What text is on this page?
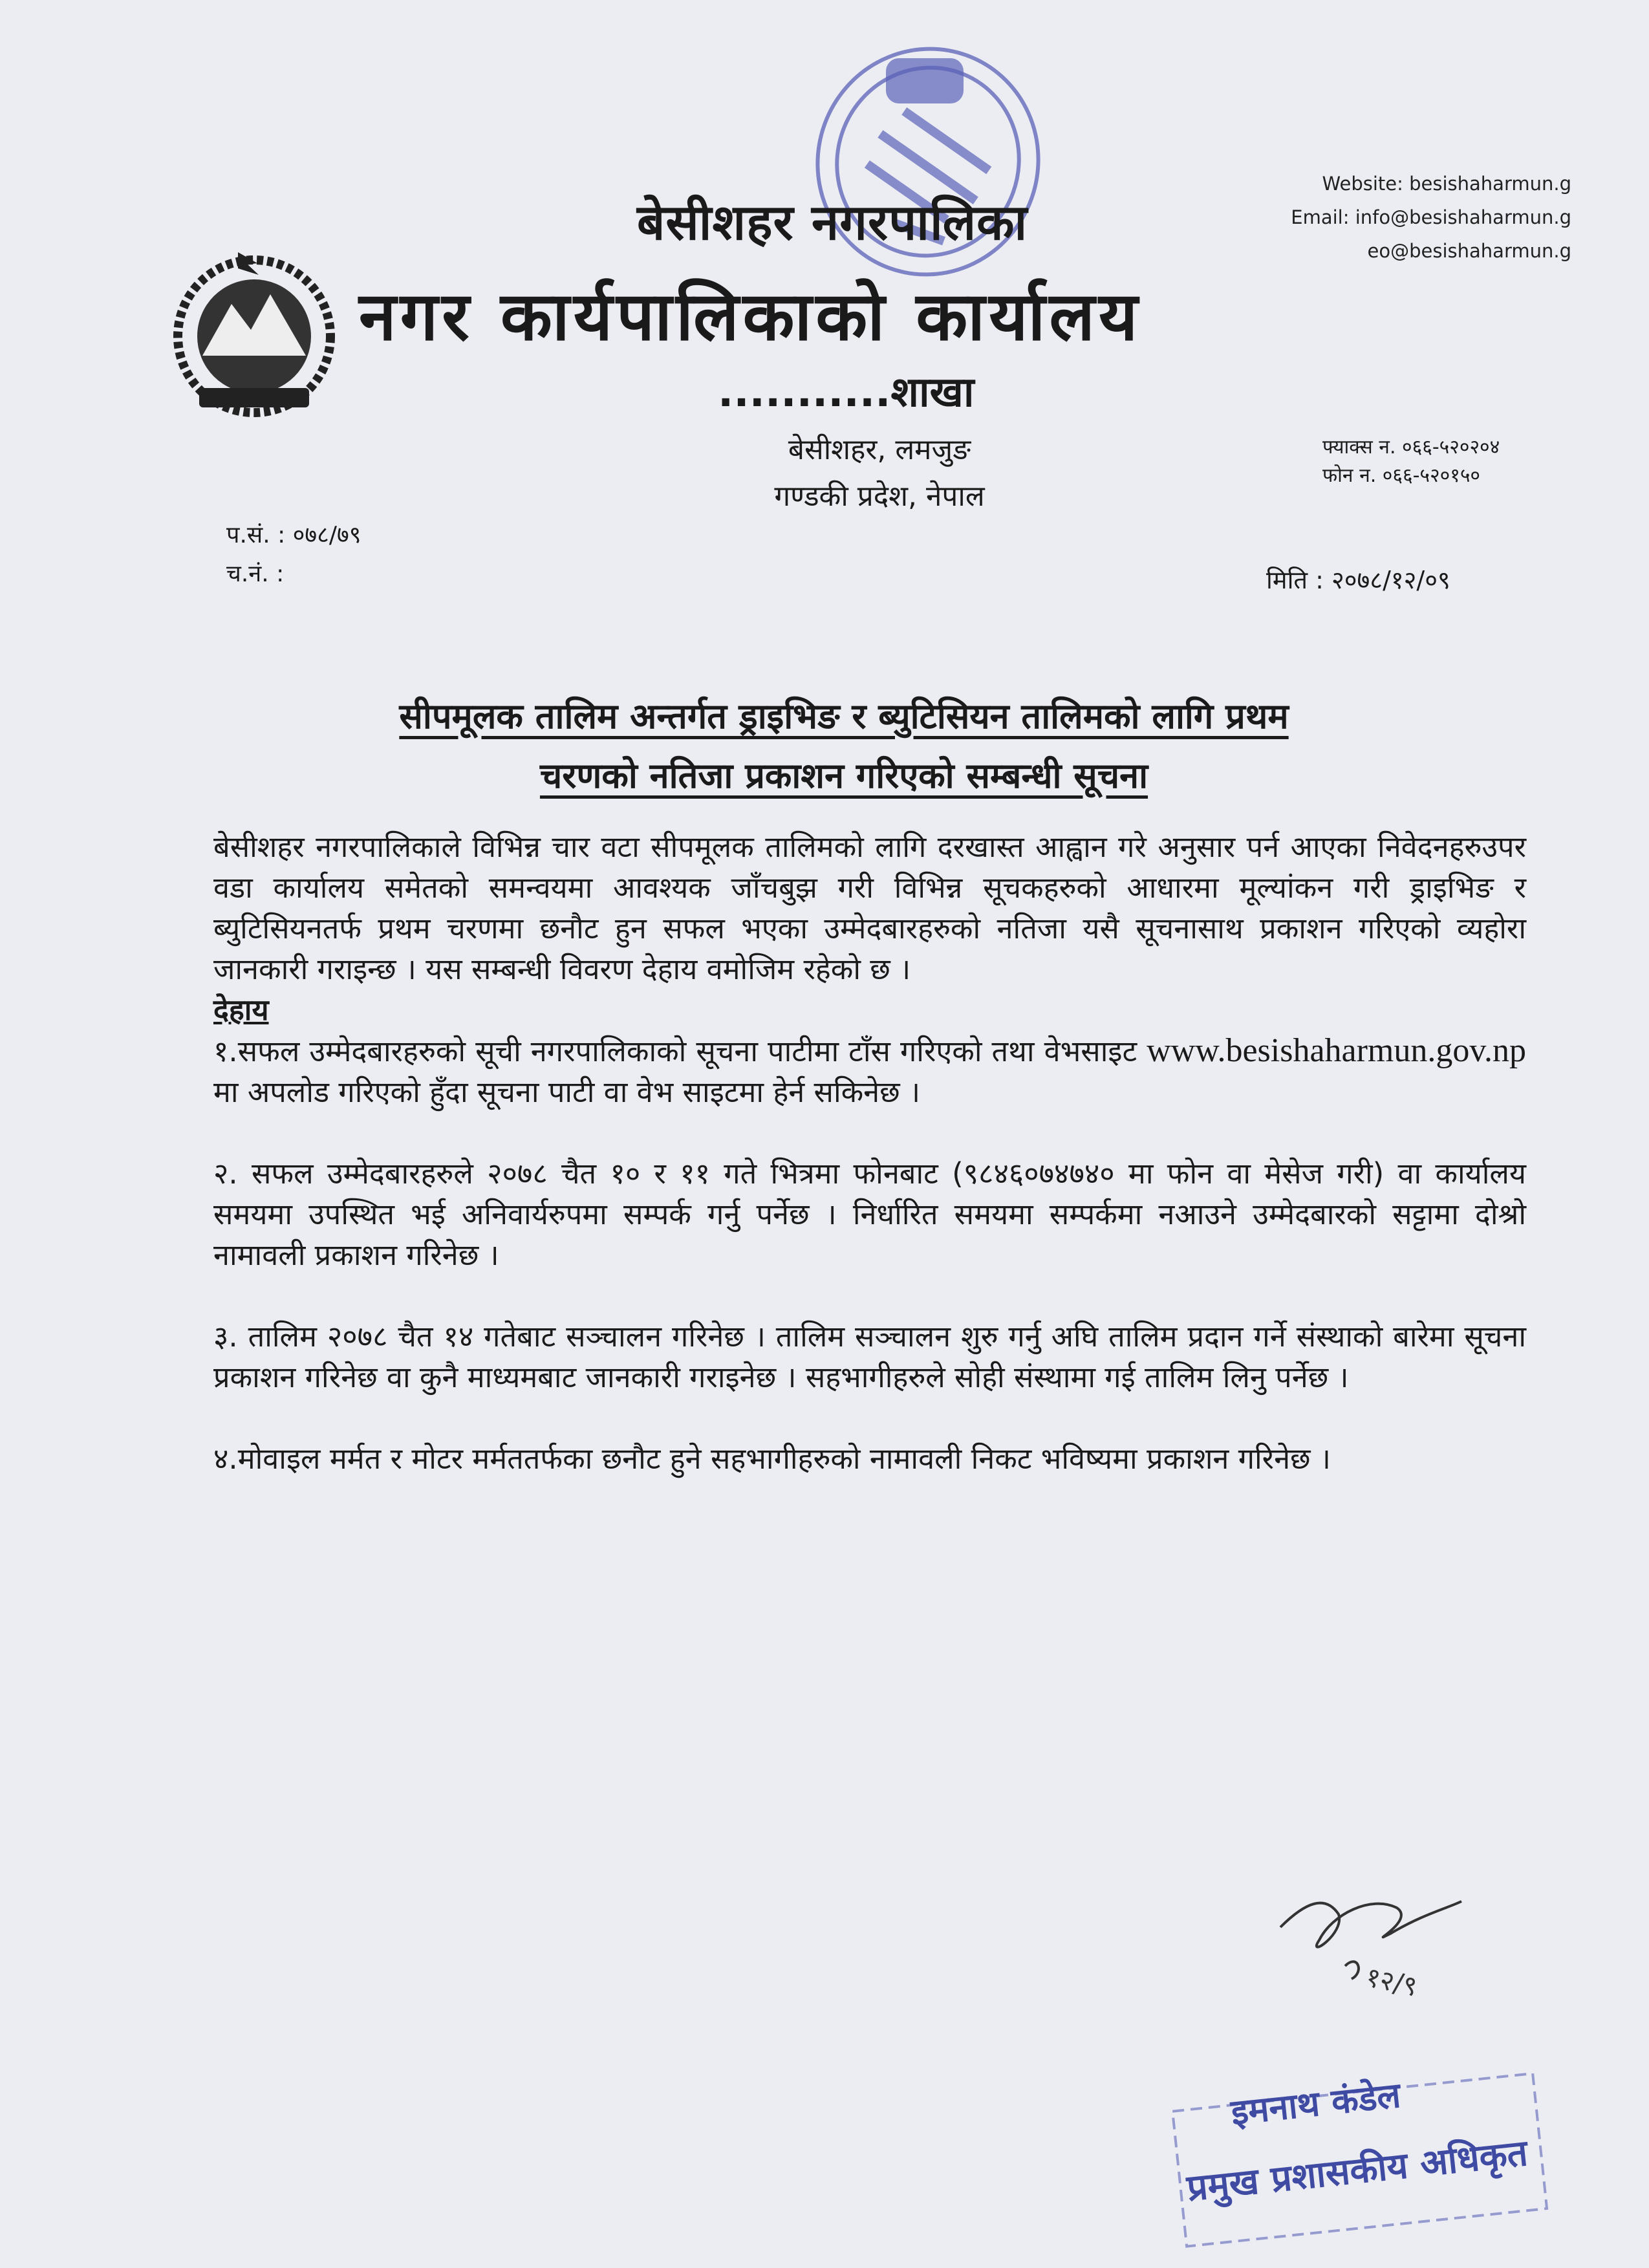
Website: besishaharmun.g
Email: info@besishaharmun.g
eo@besishaharmun.g
बेसीशहर नगरपालिका
नगर कार्यपालिकाको कार्यालय
...........शाखा
बेसीशहर, लमजुङ
गण्डकी प्रदेश, नेपाल
फ्याक्स न. ०६६-५२०२०४
फोन न. ०६६-५२०१५०
प.सं. : ०७८/७९
च.नं. :	मिति : २०७८/१२/०९
सीपमूलक तालिम अन्तर्गत ड्राइभिङ र ब्युटिसियन तालिमको लागि प्रथम
चरणको नतिजा प्रकाशन गरिएको सम्बन्धी सूचना

बेसीशहर नगरपालिकाले विभिन्न चार वटा सीपमूलक तालिमको लागि दरखास्त आह्वान गरे अनुसार पर्न आएका निवेदनहरुउपर वडा कार्यालय समेतको समन्वयमा आवश्यक जाँचबुझ गरी विभिन्न सूचकहरुको आधारमा मूल्यांकन गरी ड्राइभिङ र ब्युटिसियनतर्फ प्रथम चरणमा छनौट हुन सफल भएका उम्मेदबारहरुको नतिजा यसै सूचनासाथ प्रकाशन गरिएको व्यहोरा जानकारी गराइन्छ । यस सम्बन्धी विवरण देहाय वमोजिम रहेको छ ।

देहाय

१.सफल उम्मेदबारहरुको सूची नगरपालिकाको सूचना पाटीमा टाँस गरिएको तथा वेभसाइट www.besishaharmun.gov.np मा अपलोड गरिएको हुँदा सूचना पाटी वा वेभ साइटमा हेर्न सकिनेछ ।

२. सफल उम्मेदबारहरुले २०७८ चैत १० र ११ गते भित्रमा फोनबाट (९८४६०७४७४० मा फोन वा मेसेज गरी) वा कार्यालय समयमा उपस्थित भई अनिवार्यरुपमा सम्पर्क गर्नु पर्नेछ । निर्धारित समयमा सम्पर्कमा नआउने उम्मेदबारको सट्टामा दोश्रो नामावली प्रकाशन गरिनेछ ।

३. तालिम २०७८ चैत १४ गतेबाट सञ्चालन गरिनेछ । तालिम सञ्चालन शुरु गर्नु अघि तालिम प्रदान गर्ने संस्थाको बारेमा सूचना प्रकाशन गरिनेछ वा कुनै माध्यमबाट जानकारी गराइनेछ । सहभागीहरुले सोही संस्थामा गई तालिम लिनु पर्नेछ ।

४.मोवाइल मर्मत र मोटर मर्मततर्फका छनौट हुने सहभागीहरुको नामावली निकट भविष्यमा प्रकाशन गरिनेछ ।

१२/९
इमनाथ कंडेल
प्रमुख प्रशासकीय अधिकृत
